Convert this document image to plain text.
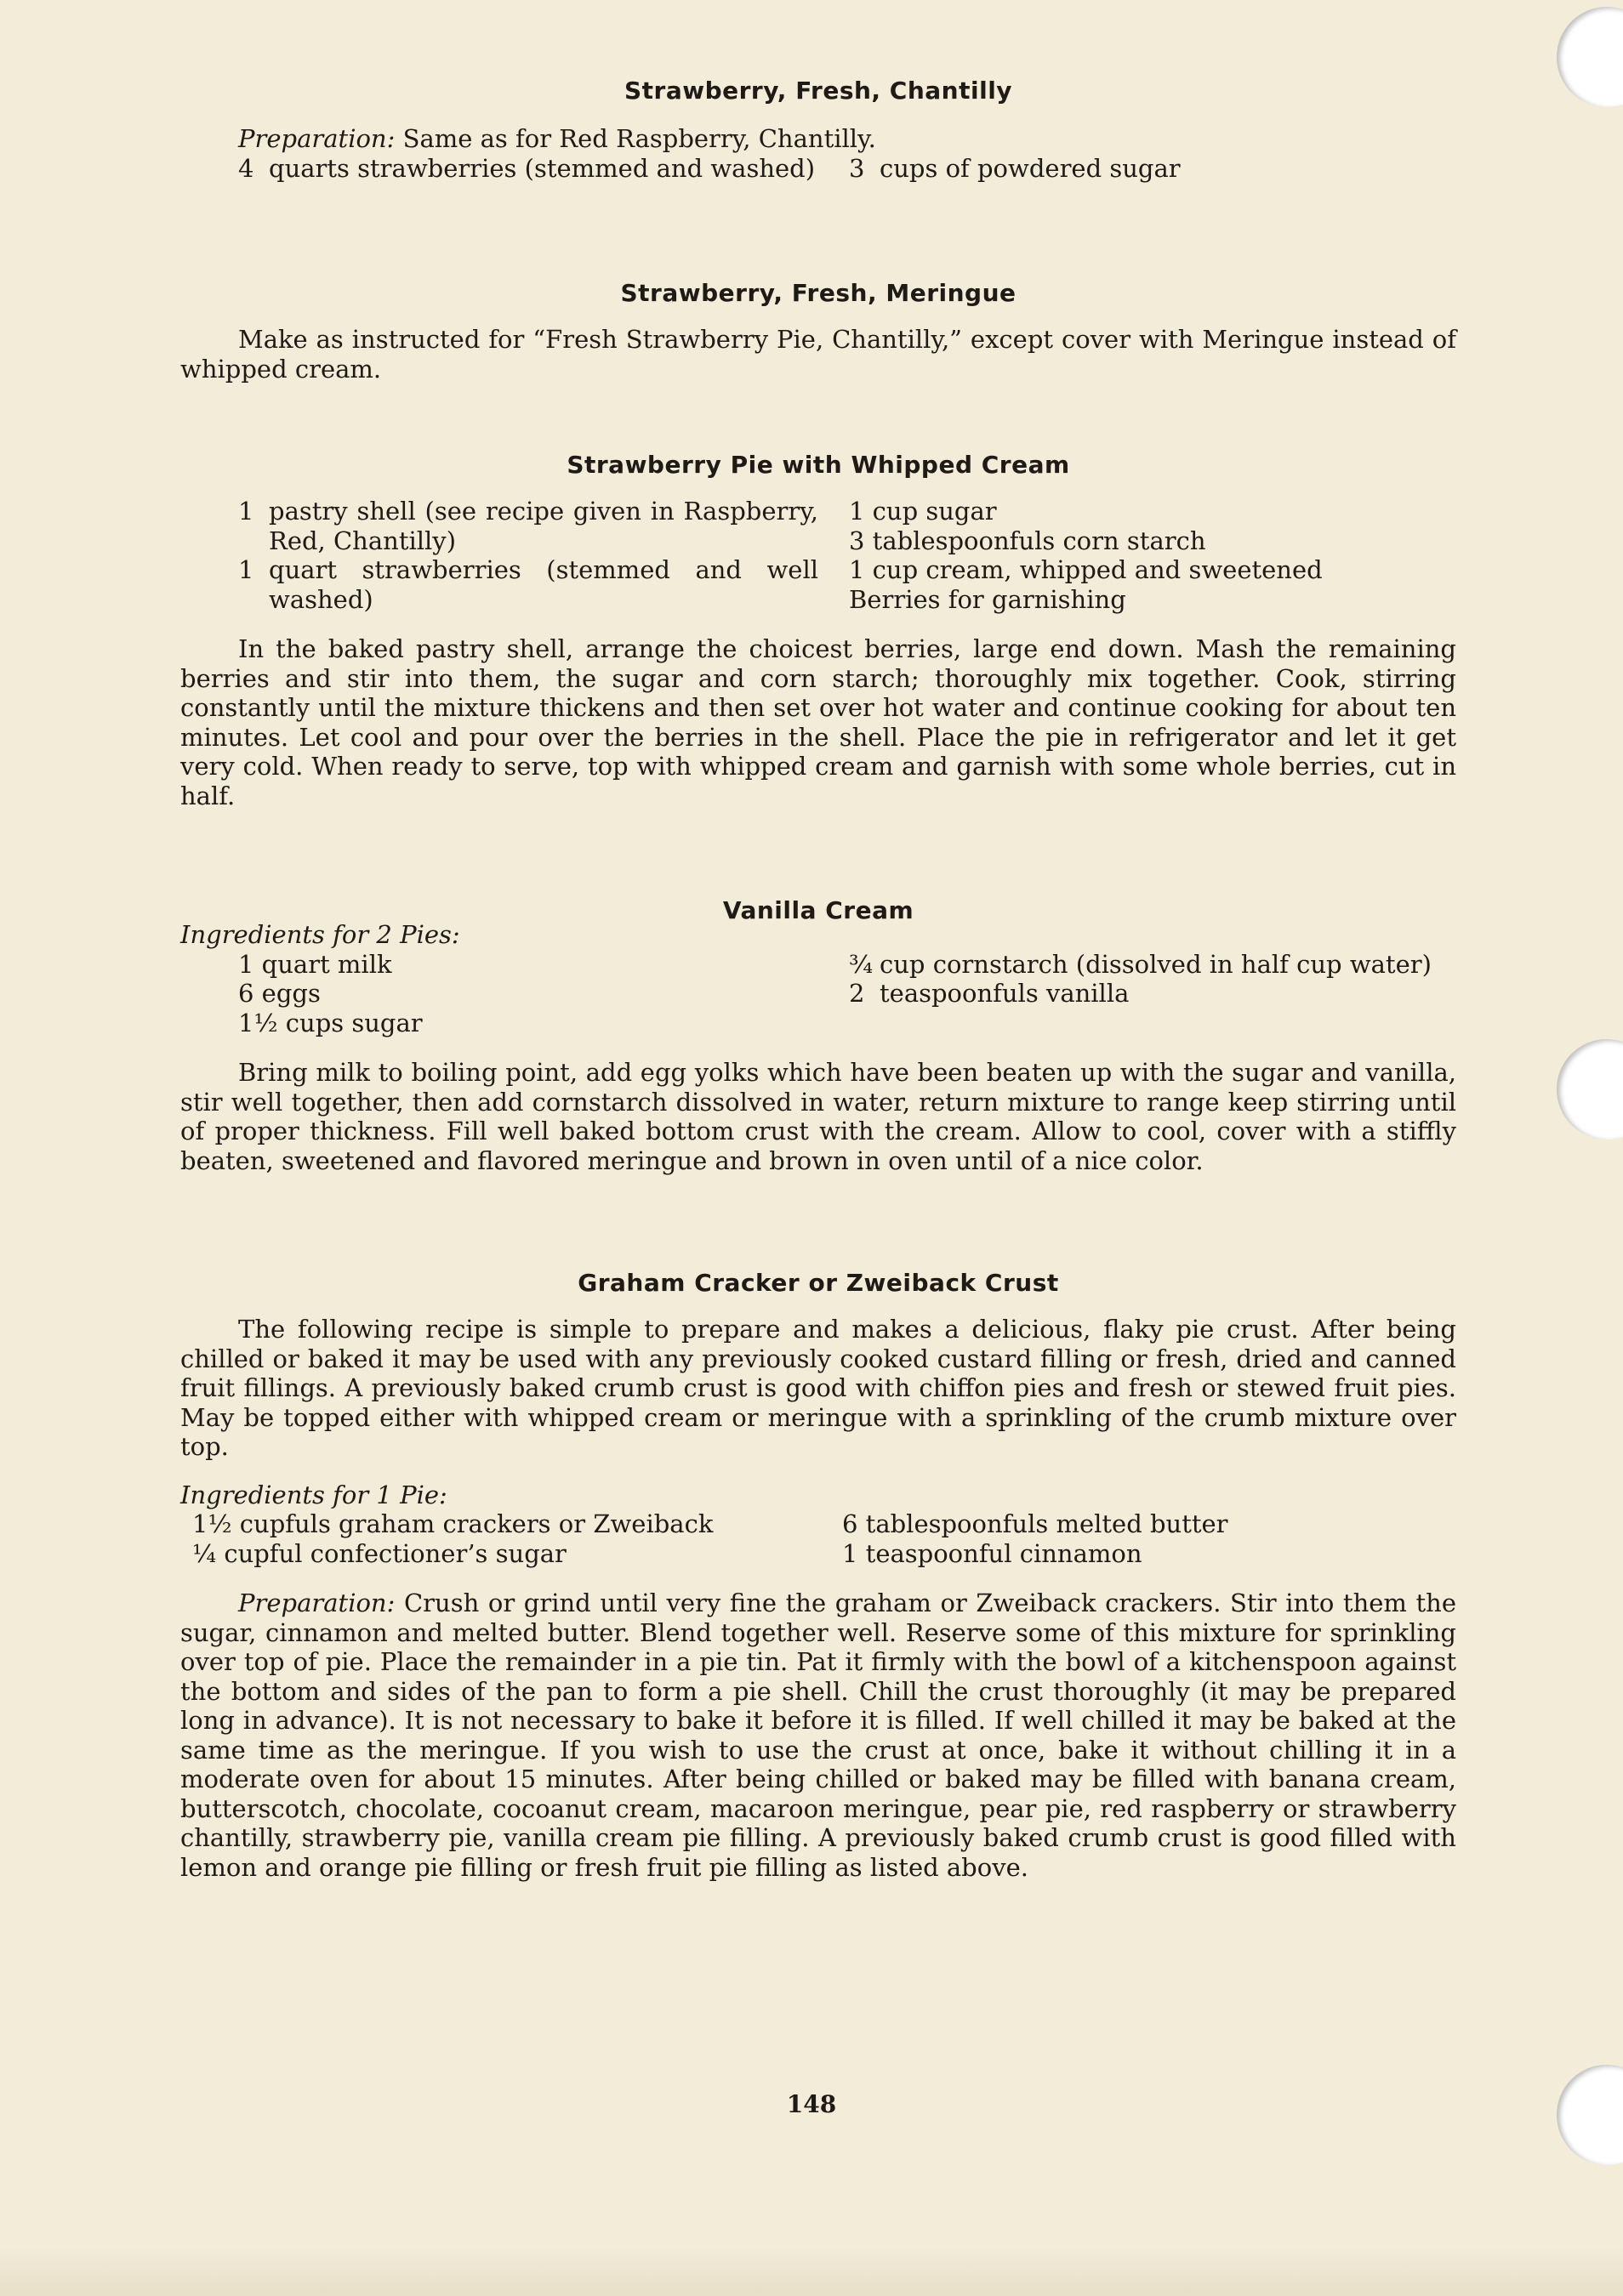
Strawberry, Fresh, Chantilly

Preparation: Same as for Red Raspberry, Chantilly.

4 quarts strawberries (stemmed and washed) 3 cups of powdered sugar

Strawberry, Fresh, Meringue

Make as instructed for “Fresh Strawberry Pie, Chantilly,” except cover with Meringue instead of whipped cream.

Strawberry Pie with Whipped Cream

1 pastry shell (see recipe given in Raspberry, Red, Chantilly)

1 quart strawberries (stemmed and well washed)

1 cup sugar

3 tablespoonfuls corn starch

1 cup cream, whipped and sweetened

Berries for garnishing

In the baked pastry shell, arrange the choicest berries, large end down. Mash the remaining berries and stir into them, the sugar and corn starch; thoroughly mix together. Cook, stirring constantly until the mixture thickens and then set over hot water and continue cooking for about ten minutes. Let cool and pour over the berries in the shell. Place the pie in refrigerator and let it get very cold. When ready to serve, top with whipped cream and garnish with some whole berries, cut in half.

Vanilla Cream

Ingredients for 2 Pies:

1 quart milk

6 eggs

1½ cups sugar

¾ cup cornstarch (dissolved in half cup water)

2 teaspoonfuls vanilla

Bring milk to boiling point, add egg yolks which have been beaten up with the sugar and vanilla, stir well together, then add cornstarch dissolved in water, return mixture to range keep stirring until of proper thickness. Fill well baked bottom crust with the cream. Allow to cool, cover with a stiffly beaten, sweetened and flavored meringue and brown in oven until of a nice color.

Graham Cracker or Zweiback Crust

The following recipe is simple to prepare and makes a delicious, flaky pie crust. After being chilled or baked it may be used with any previously cooked custard filling or fresh, dried and canned fruit fillings. A previously baked crumb crust is good with chiffon pies and fresh or stewed fruit pies. May be topped either with whipped cream or meringue with a sprinkling of the crumb mixture over top.

Ingredients for 1 Pie:

1½ cupfuls graham crackers or Zweiback

¼ cupful confectioner’s sugar

6 tablespoonfuls melted butter

1 teaspoonful cinnamon

Preparation: Crush or grind until very fine the graham or Zweiback crackers. Stir into them the sugar, cinnamon and melted butter. Blend together well. Reserve some of this mixture for sprinkling over top of pie. Place the remainder in a pie tin. Pat it firmly with the bowl of a kitchenspoon against the bottom and sides of the pan to form a pie shell. Chill the crust thoroughly (it may be prepared long in advance). It is not necessary to bake it before it is filled. If well chilled it may be baked at the same time as the meringue. If you wish to use the crust at once, bake it without chilling it in a moderate oven for about 15 minutes. After being chilled or baked may be filled with banana cream, butterscotch, chocolate, cocoanut cream, macaroon meringue, pear pie, red raspberry or strawberry chantilly, strawberry pie, vanilla cream pie filling. A previously baked crumb crust is good filled with lemon and orange pie filling or fresh fruit pie filling as listed above.

148
